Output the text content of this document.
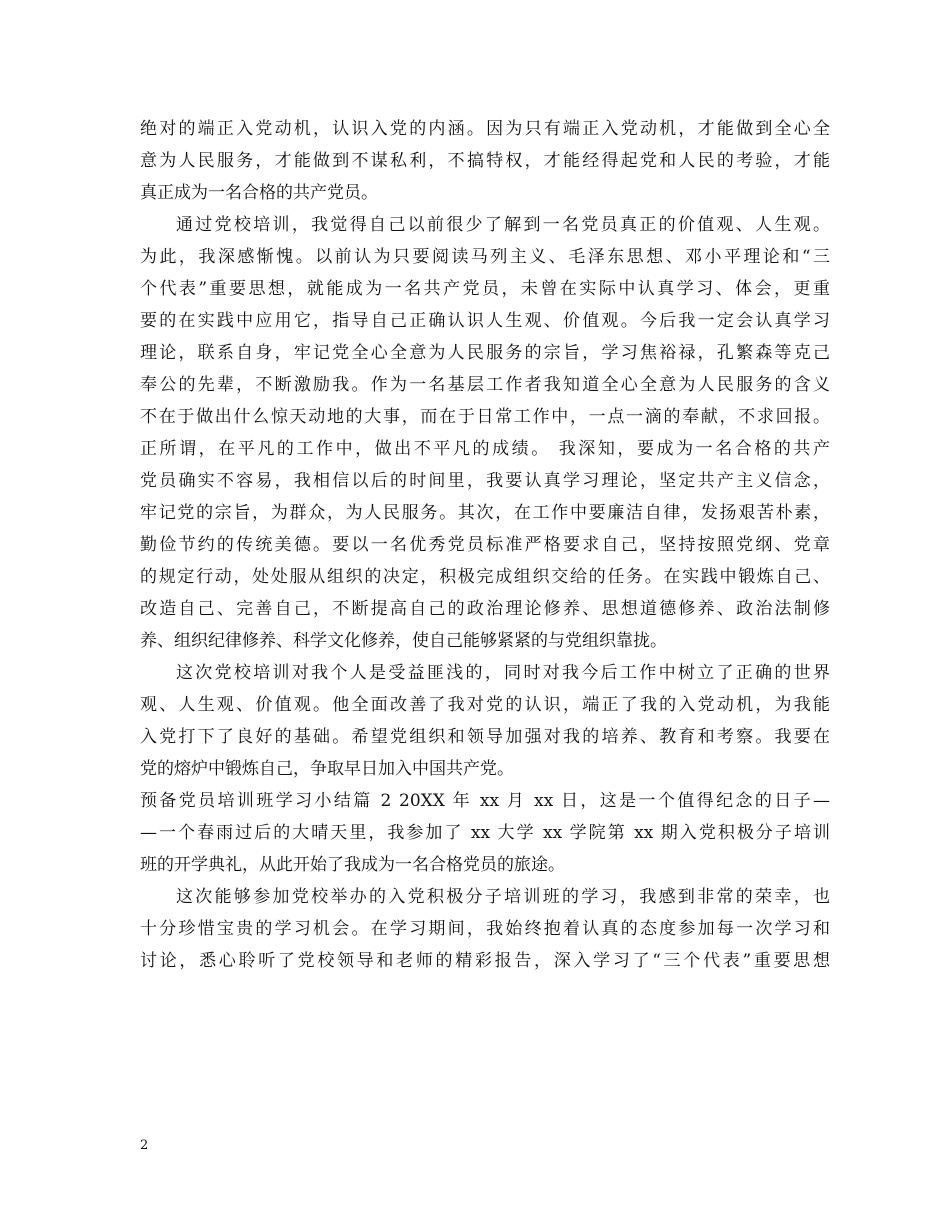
绝对的端正入党动机，认识入党的内涵。因为只有端正入党动机，才能做到全心全
意为人民服务，才能做到不谋私利，不搞特权，才能经得起党和人民的考验，才能
真正成为一名合格的共产党员。
通过党校培训，我觉得自己以前很少了解到一名党员真正的价值观、人生观。
为此，我深感惭愧。以前认为只要阅读马列主义、毛泽东思想、邓小平理论和“三
个代表”重要思想，就能成为一名共产党员，未曾在实际中认真学习、体会，更重
要的在实践中应用它，指导自己正确认识人生观、价值观。今后我一定会认真学习
理论，联系自身，牢记党全心全意为人民服务的宗旨，学习焦裕禄，孔繁森等克己
奉公的先辈，不断激励我。作为一名基层工作者我知道全心全意为人民服务的含义
不在于做出什么惊天动地的大事，而在于日常工作中，一点一滴的奉献，不求回报。
正所谓，在平凡的工作中，做出不平凡的成绩。 我深知，要成为一名合格的共产
党员确实不容易，我相信以后的时间里，我要认真学习理论，坚定共产主义信念，
牢记党的宗旨，为群众，为人民服务。其次，在工作中要廉洁自律，发扬艰苦朴素，
勤俭节约的传统美德。要以一名优秀党员标准严格要求自己，坚持按照党纲、党章
的规定行动，处处服从组织的决定，积极完成组织交给的任务。在实践中锻炼自己、
改造自己、完善自己，不断提高自己的政治理论修养、思想道德修养、政治法制修
养、组织纪律修养、科学文化修养，使自己能够紧紧的与党组织靠拢。
这次党校培训对我个人是受益匪浅的，同时对我今后工作中树立了正确的世界
观、人生观、价值观。他全面改善了我对党的认识，端正了我的入党动机，为我能
入党打下了良好的基础。希望党组织和领导加强对我的培养、教育和考察。我要在
党的熔炉中锻炼自己，争取早日加入中国共产党。
预备党员培训班学习小结篇 2 20XX 年 xx 月 xx 日，这是一个值得纪念的日子—
—一个春雨过后的大晴天里，我参加了 xx 大学 xx 学院第 xx 期入党积极分子培训
班的开学典礼，从此开始了我成为一名合格党员的旅途。
这次能够参加党校举办的入党积极分子培训班的学习，我感到非常的荣幸，也
十分珍惜宝贵的学习机会。在学习期间，我始终抱着认真的态度参加每一次学习和
讨论，悉心聆听了党校领导和老师的精彩报告，深入学习了“三个代表”重要思想
2
